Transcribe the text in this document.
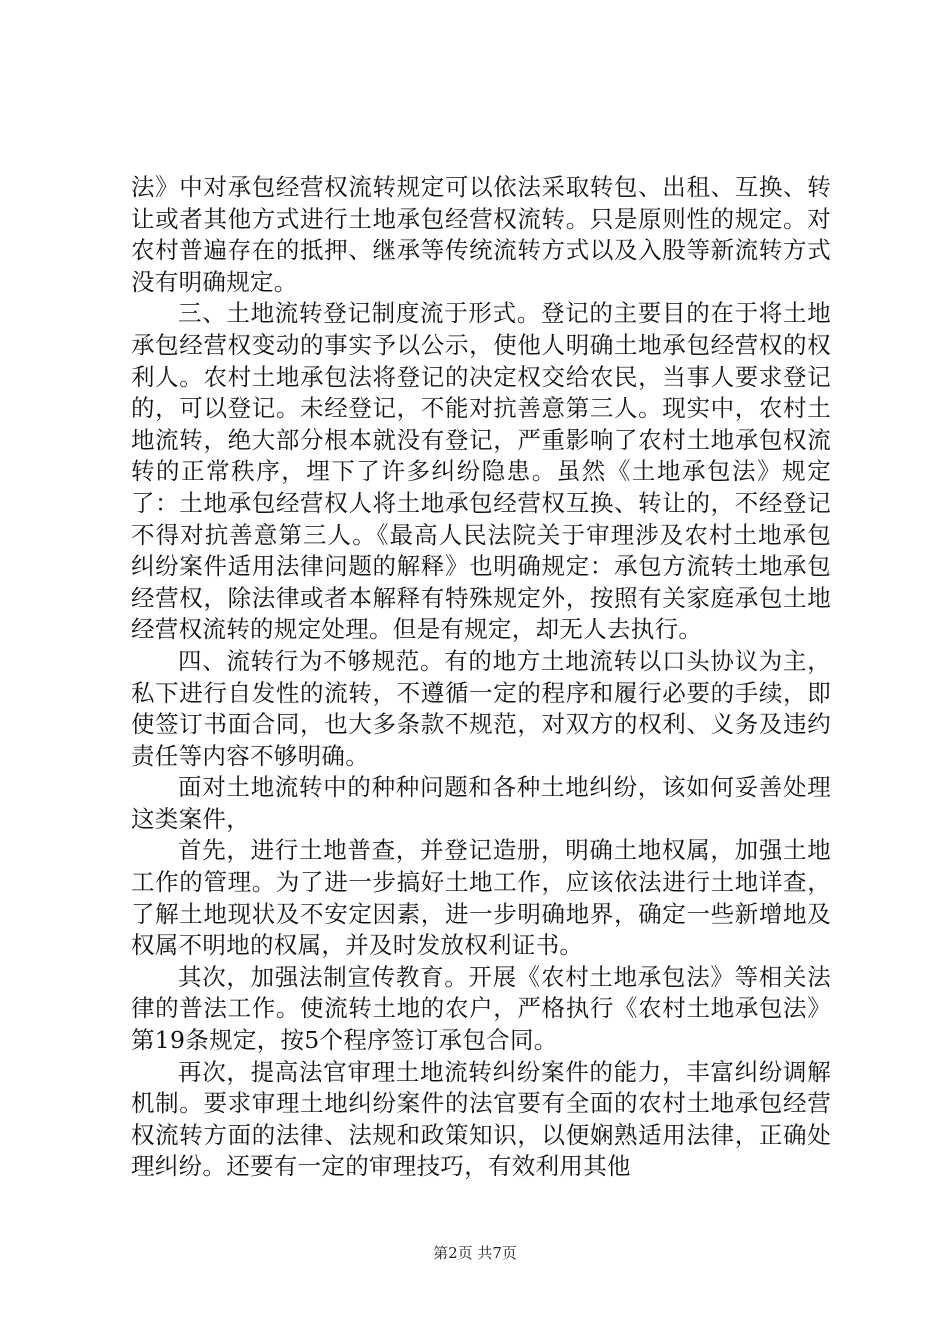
法》中对承包经营权流转规定可以依法采取转包、出租、互换、转让或者其他方式进行土地承包经营权流转。只是原则性的规定。对农村普遍存在的抵押、继承等传统流转方式以及入股等新流转方式没有明确规定。

三、土地流转登记制度流于形式。登记的主要目的在于将土地承包经营权变动的事实予以公示，使他人明确土地承包经营权的权利人。农村土地承包法将登记的决定权交给农民，当事人要求登记的，可以登记。未经登记，不能对抗善意第三人。现实中，农村土地流转，绝大部分根本就没有登记，严重影响了农村土地承包权流转的正常秩序，埋下了许多纠纷隐患。虽然《土地承包法》规定了：土地承包经营权人将土地承包经营权互换、转让的，不经登记不得对抗善意第三人。《最高人民法院关于审理涉及农村土地承包纠纷案件适用法律问题的解释》也明确规定：承包方流转土地承包经营权，除法律或者本解释有特殊规定外，按照有关家庭承包土地经营权流转的规定处理。但是有规定，却无人去执行。

四、流转行为不够规范。有的地方土地流转以口头协议为主，私下进行自发性的流转，不遵循一定的程序和履行必要的手续，即使签订书面合同，也大多条款不规范，对双方的权利、义务及违约责任等内容不够明确。

面对土地流转中的种种问题和各种土地纠纷，该如何妥善处理这类案件，

首先，进行土地普查，并登记造册，明确土地权属，加强土地工作的管理。为了进一步搞好土地工作，应该依法进行土地详查，了解土地现状及不安定因素，进一步明确地界，确定一些新增地及权属不明地的权属，并及时发放权利证书。

其次，加强法制宣传教育。开展《农村土地承包法》等相关法律的普法工作。使流转土地的农户，严格执行《农村土地承包法》第19条规定，按5个程序签订承包合同。

再次，提高法官审理土地流转纠纷案件的能力，丰富纠纷调解机制。要求审理土地纠纷案件的法官要有全面的农村土地承包经营权流转方面的法律、法规和政策知识，以便娴熟适用法律，正确处理纠纷。还要有一定的审理技巧，有效利用其他

第2页 共7页
